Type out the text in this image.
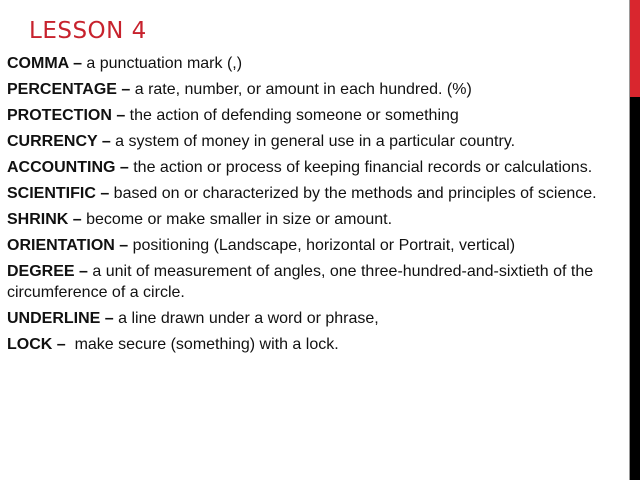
LESSON 4

COMMA – a punctuation mark (,)

PERCENTAGE – a rate, number, or amount in each hundred. (%)

PROTECTION – the action of defending someone or something

CURRENCY – a system of money in general use in a particular country.

ACCOUNTING – the action or process of keeping financial records or calculations.

SCIENTIFIC – based on or characterized by the methods and principles of science.

SHRINK – become or make smaller in size or amount.

ORIENTATION – positioning (Landscape, horizontal or Portrait, vertical)

DEGREE – a unit of measurement of angles, one three-hundred-and-sixtieth of the circumference of a circle.

UNDERLINE – a line drawn under a word or phrase,

LOCK –  make secure (something) with a lock.
